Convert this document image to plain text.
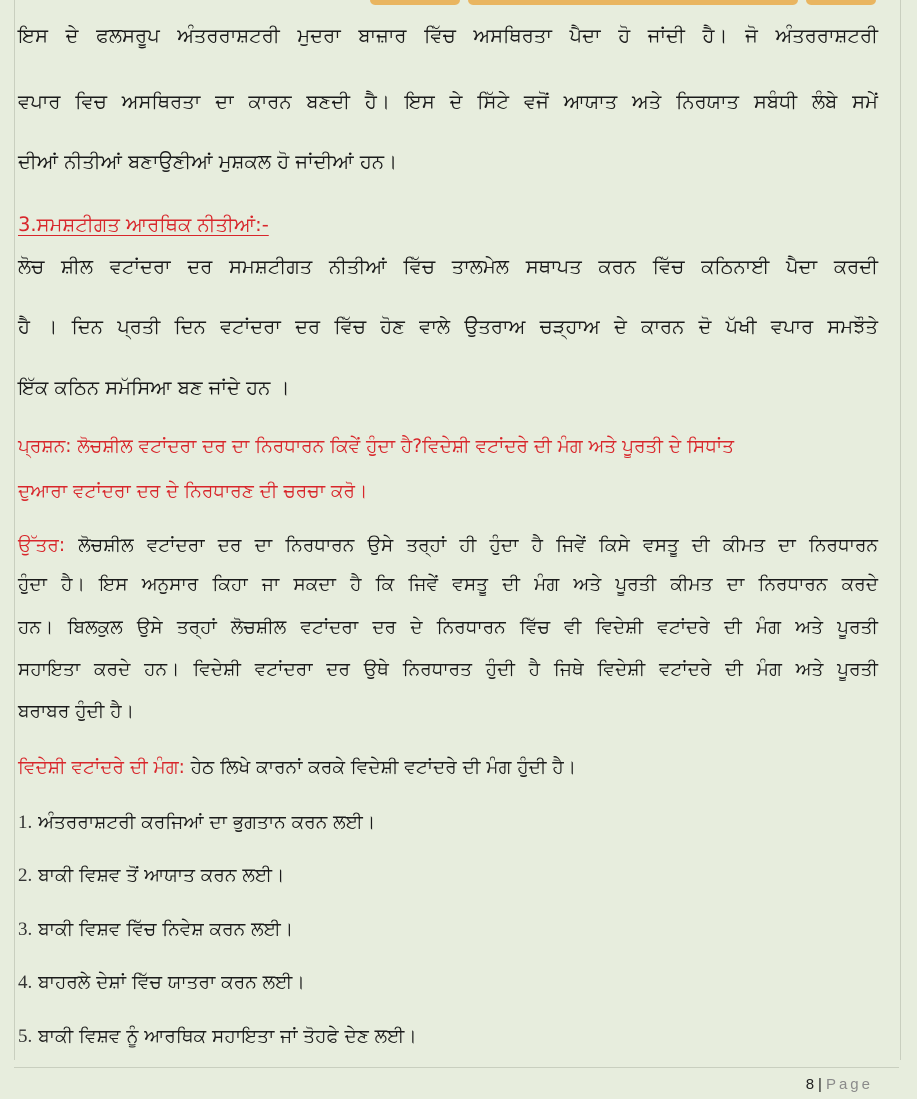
ਇਸ ਦੇ ਫਲਸਰੂਪ ਅੰਤਰਰਾਸ਼ਟਰੀ ਮੁਦਰਾ ਬਾਜ਼ਾਰ ਵਿੱਚ ਅਸਥਿਰਤਾ ਪੈਦਾ ਹੋ ਜਾਂਦੀ ਹੈ। ਜੋ ਅੰਤਰਰਾਸ਼ਟਰੀ
ਵਪਾਰ ਵਿਚ ਅਸਥਿਰਤਾ ਦਾ ਕਾਰਨ ਬਣਦੀ ਹੈ। ਇਸ ਦੇ ਸਿੱਟੇ ਵਜੋਂ ਆਯਾਤ ਅਤੇ ਨਿਰਯਾਤ ਸਬੰਧੀ ਲੰਬੇ ਸਮੇਂ
ਦੀਆਂ ਨੀਤੀਆਂ ਬਣਾਉਣੀਆਂ ਮੁਸ਼ਕਲ ਹੋ ਜਾਂਦੀਆਂ ਹਨ।
3.ਸਮਸ਼ਟੀਗਤ ਆਰਥਿਕ ਨੀਤੀਆਂ:-
ਲੋਚ ਸ਼ੀਲ ਵਟਾਂਦਰਾ ਦਰ ਸਮਸ਼ਟੀਗਤ ਨੀਤੀਆਂ ਵਿੱਚ ਤਾਲਮੇਲ ਸਥਾਪਤ ਕਰਨ ਵਿੱਚ ਕਠਿਨਾਈ ਪੈਦਾ ਕਰਦੀ
ਹੈ । ਦਿਨ ਪ੍ਰਤੀ ਦਿਨ ਵਟਾਂਦਰਾ ਦਰ ਵਿੱਚ ਹੋਣ ਵਾਲੇ ਉਤਰਾਅ ਚੜ੍ਹਾਅ ਦੇ ਕਾਰਨ ਦੋ ਪੱਖੀ ਵਪਾਰ ਸਮਝੌਤੇ
ਇੱਕ ਕਠਿਨ ਸਮੱਸਿਆ ਬਣ ਜਾਂਦੇ ਹਨ ।
ਪ੍ਰਸ਼ਨ: ਲੋਚਸ਼ੀਲ ਵਟਾਂਦਰਾ ਦਰ ਦਾ ਨਿਰਧਾਰਨ ਕਿਵੇਂ ਹੁੰਦਾ ਹੈ?ਵਿਦੇਸ਼ੀ ਵਟਾਂਦਰੇ ਦੀ ਮੰਗ ਅਤੇ ਪੂਰਤੀ ਦੇ ਸਿਧਾਂਤ
ਦੁਆਰਾ ਵਟਾਂਦਰਾ ਦਰ ਦੇ ਨਿਰਧਾਰਣ ਦੀ ਚਰਚਾ ਕਰੋ।
ਉੱਤਰ: ਲੋਚਸ਼ੀਲ ਵਟਾਂਦਰਾ ਦਰ ਦਾ ਨਿਰਧਾਰਨ ਉਸੇ ਤਰ੍ਹਾਂ ਹੀ ਹੁੰਦਾ ਹੈ ਜਿਵੇਂ ਕਿਸੇ ਵਸਤੂ ਦੀ ਕੀਮਤ ਦਾ ਨਿਰਧਾਰਨ
ਹੁੰਦਾ ਹੈ। ਇਸ ਅਨੁਸਾਰ ਕਿਹਾ ਜਾ ਸਕਦਾ ਹੈ ਕਿ ਜਿਵੇਂ ਵਸਤੂ ਦੀ ਮੰਗ ਅਤੇ ਪੂਰਤੀ ਕੀਮਤ ਦਾ ਨਿਰਧਾਰਨ ਕਰਦੇ
ਹਨ। ਬਿਲਕੁਲ ਉਸੇ ਤਰ੍ਹਾਂ ਲੋਚਸ਼ੀਲ ਵਟਾਂਦਰਾ ਦਰ ਦੇ ਨਿਰਧਾਰਨ ਵਿੱਚ ਵੀ ਵਿਦੇਸ਼ੀ ਵਟਾਂਦਰੇ ਦੀ ਮੰਗ ਅਤੇ ਪੂਰਤੀ
ਸਹਾਇਤਾ ਕਰਦੇ ਹਨ। ਵਿਦੇਸ਼ੀ ਵਟਾਂਦਰਾ ਦਰ ਉਥੇ ਨਿਰਧਾਰਤ ਹੁੰਦੀ ਹੈ ਜਿਥੇ ਵਿਦੇਸ਼ੀ ਵਟਾਂਦਰੇ ਦੀ ਮੰਗ ਅਤੇ ਪੂਰਤੀ
ਬਰਾਬਰ ਹੁੰਦੀ ਹੈ।
ਵਿਦੇਸ਼ੀ ਵਟਾਂਦਰੇ ਦੀ ਮੰਗ: ਹੇਠ ਲਿਖੇ ਕਾਰਨਾਂ ਕਰਕੇ ਵਿਦੇਸ਼ੀ ਵਟਾਂਦਰੇ ਦੀ ਮੰਗ ਹੁੰਦੀ ਹੈ।
1. ਅੰਤਰਰਾਸ਼ਟਰੀ ਕਰਜਿਆਂ ਦਾ ਭੁਗਤਾਨ ਕਰਨ ਲਈ।
2. ਬਾਕੀ ਵਿਸ਼ਵ ਤੋਂ ਆਯਾਤ ਕਰਨ ਲਈ।
3. ਬਾਕੀ ਵਿਸ਼ਵ ਵਿੱਚ ਨਿਵੇਸ਼ ਕਰਨ ਲਈ।
4. ਬਾਹਰਲੇ ਦੇਸ਼ਾਂ ਵਿੱਚ ਯਾਤਰਾ ਕਰਨ ਲਈ।
5. ਬਾਕੀ ਵਿਸ਼ਵ ਨੂੰ ਆਰਥਿਕ ਸਹਾਇਤਾ ਜਾਂ ਤੋਹਫੇ ਦੇਣ ਲਈ।
8 | Page
